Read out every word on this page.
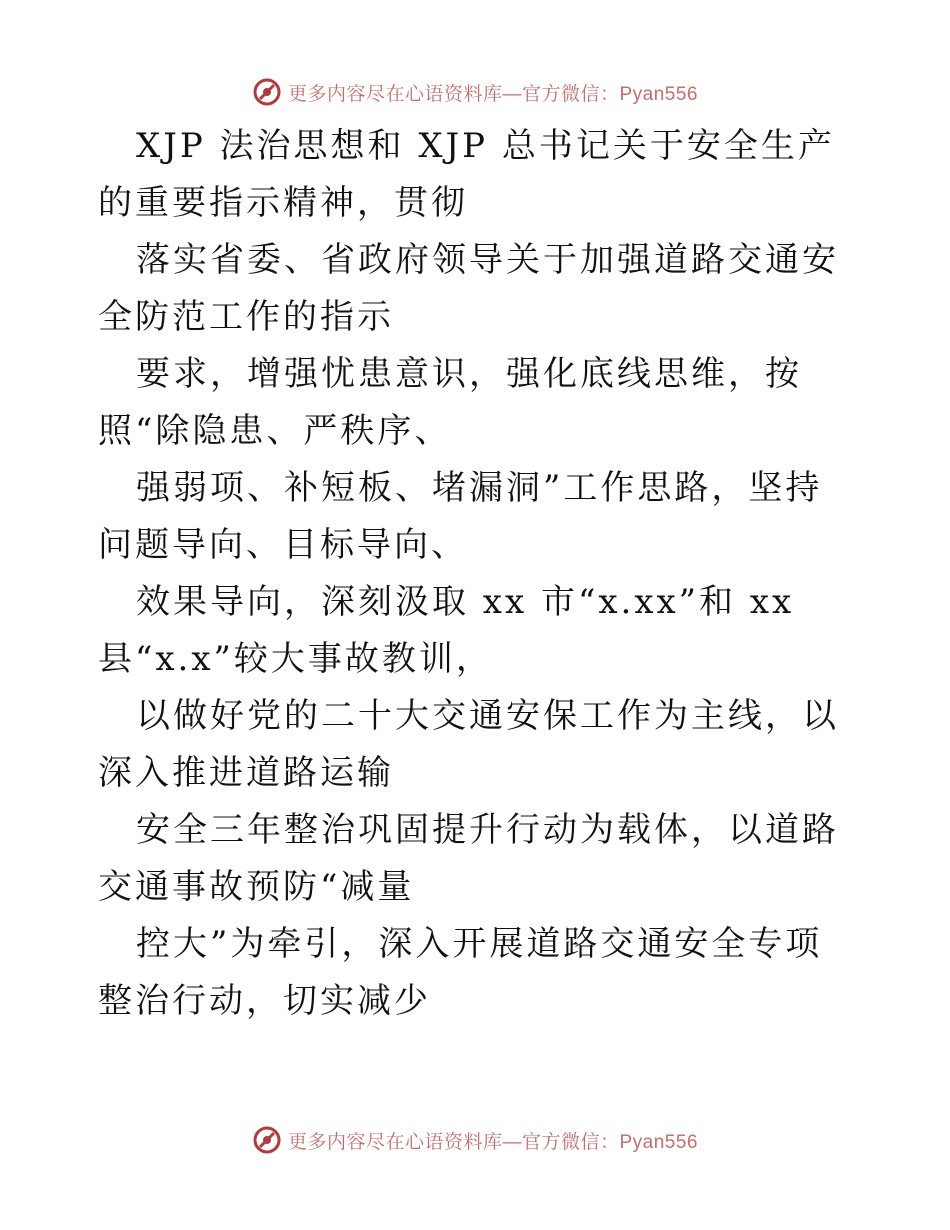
更多内容尽在心语资料库—官方微信：Pyan556

XJP 法治思想和 XJP 总书记关于安全生产的重要指示精神，贯彻

落实省委、省政府领导关于加强道路交通安全防范工作的指示

要求，增强忧患意识，强化底线思维，按照“除隐患、严秩序、

强弱项、补短板、堵漏洞”工作思路，坚持问题导向、目标导向、

效果导向，深刻汲取 xx 市“x.xx”和 xx 县“x.x”较大事故教训，

以做好党的二十大交通安保工作为主线，以深入推进道路运输

安全三年整治巩固提升行动为载体，以道路交通事故预防“减量

控大”为牵引，深入开展道路交通安全专项整治行动，切实减少

更多内容尽在心语资料库—官方微信：Pyan556
